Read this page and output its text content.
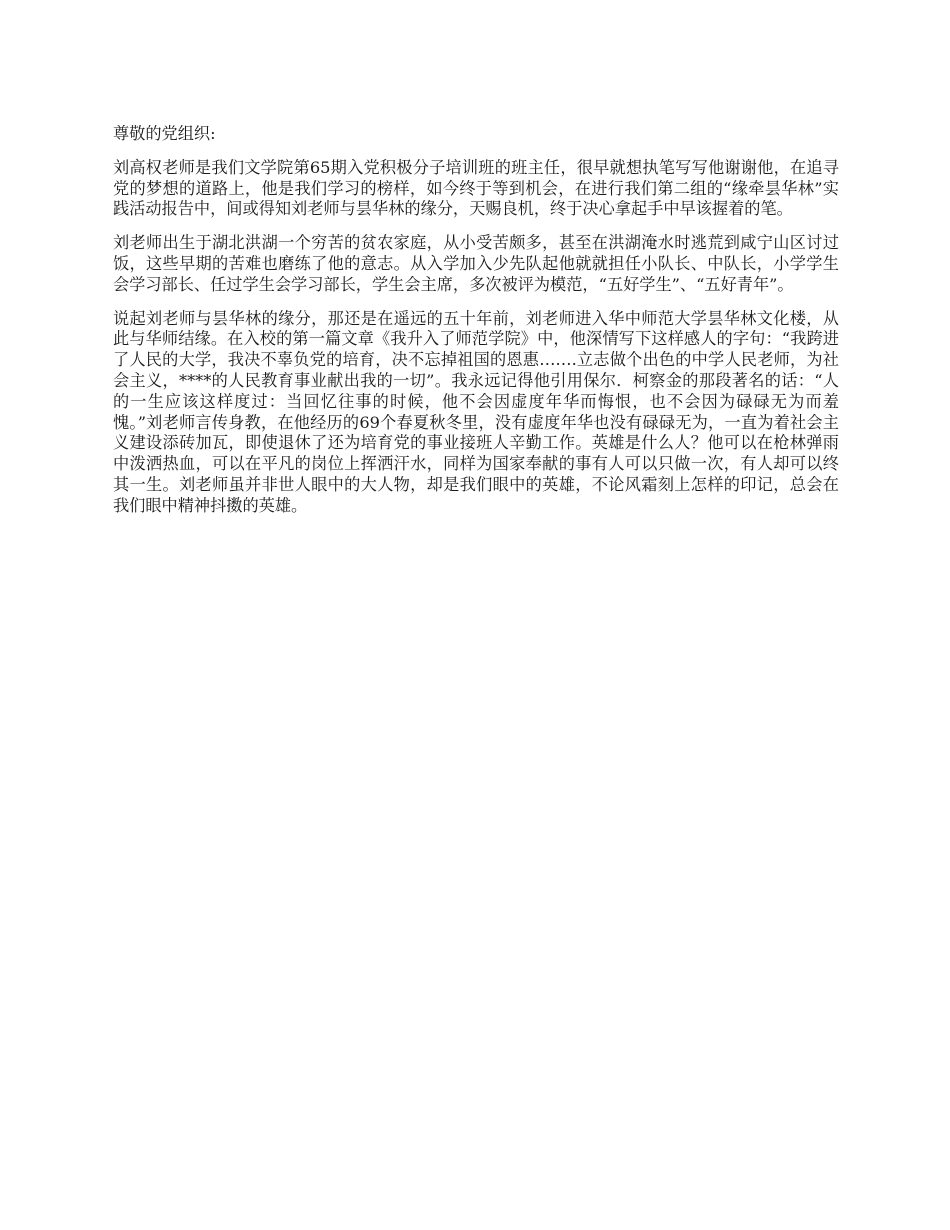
尊敬的党组织:

刘高权老师是我们文学院第65期入党积极分子培训班的班主任，很早就想执笔写写他谢谢他，在追寻党的梦想的道路上，他是我们学习的榜样，如今终于等到机会，在进行我们第二组的“缘牵昙华林”实践活动报告中，间或得知刘老师与昙华林的缘分，天赐良机，终于决心拿起手中早该握着的笔。

刘老师出生于湖北洪湖一个穷苦的贫农家庭，从小受苦颇多，甚至在洪湖淹水时逃荒到咸宁山区讨过饭，这些早期的苦难也磨练了他的意志。从入学加入少先队起他就就担任小队长、中队长，小学学生会学习部长、任过学生会学习部长，学生会主席，多次被评为模范，“五好学生”、“五好青年”。

说起刘老师与昙华林的缘分，那还是在遥远的五十年前，刘老师进入华中师范大学昙华林文化楼，从此与华师结缘。在入校的第一篇文章《我升入了师范学院》中，他深情写下这样感人的字句：“我跨进了人民的大学，我决不辜负党的培育，决不忘掉祖国的恩惠…….立志做个出色的中学人民老师，为社会主义，****的人民教育事业献出我的一切”。我永远记得他引用保尔．柯察金的那段著名的话：“人的一生应该这样度过：当回忆往事的时候，他不会因虚度年华而悔恨，也不会因为碌碌无为而羞愧。”刘老师言传身教，在他经历的69个春夏秋冬里，没有虚度年华也没有碌碌无为，一直为着社会主义建设添砖加瓦，即使退休了还为培育党的事业接班人辛勤工作。英雄是什么人？他可以在枪林弹雨中泼洒热血，可以在平凡的岗位上挥洒汗水，同样为国家奉献的事有人可以只做一次，有人却可以终其一生。刘老师虽并非世人眼中的大人物，却是我们眼中的英雄，不论风霜刻上怎样的印记，总会在我们眼中精神抖擞的英雄。
